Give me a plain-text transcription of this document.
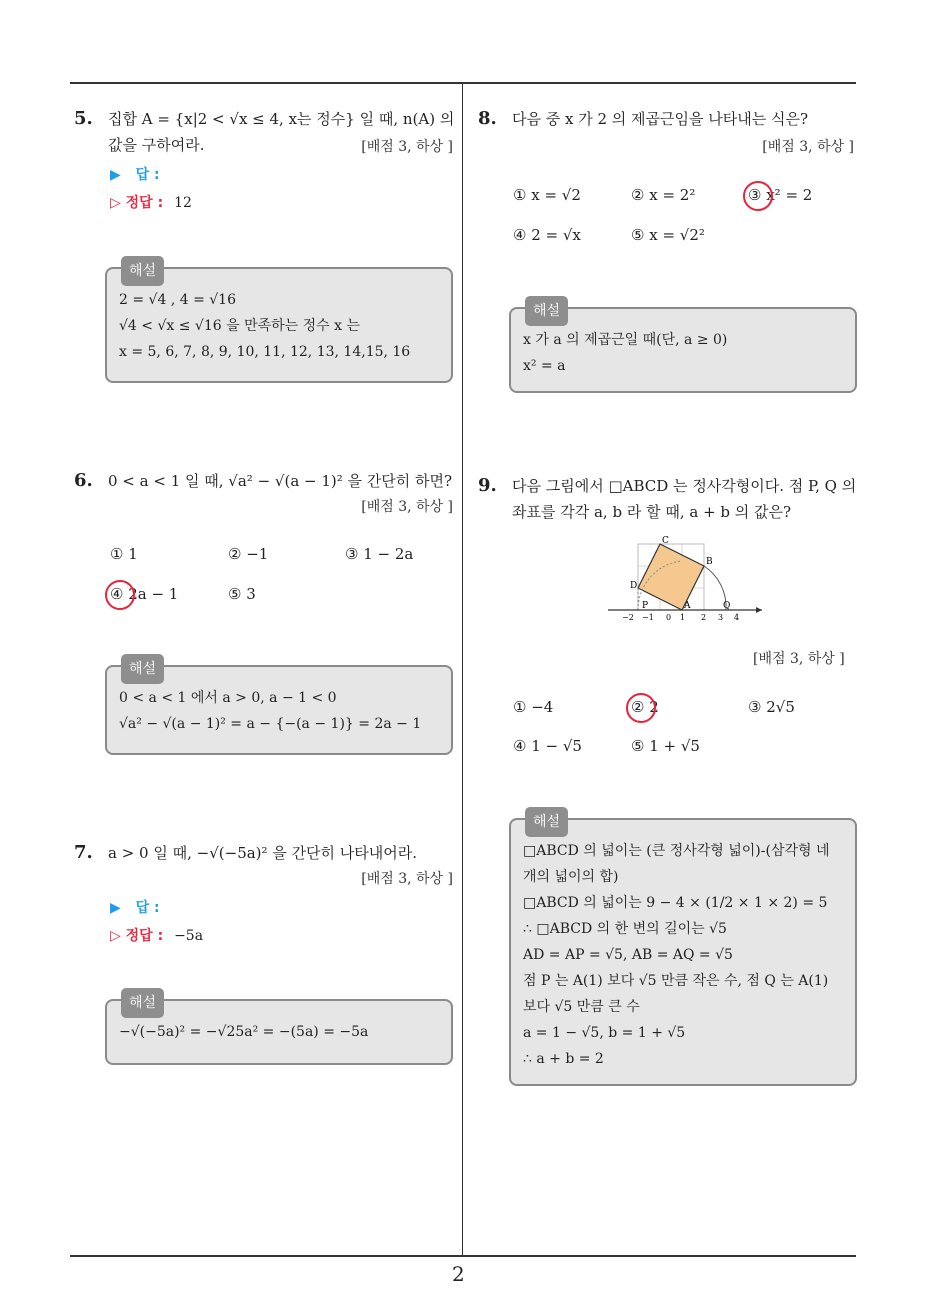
5. 집합 A = {x|2 < √x ≤ 4, x는 정수} 일 때, n(A) 의 값을 구하여라.	[배점 3, 하상 ]
▶ 답 :
▷ 정답 : 12
해설
2 = √4 , 4 = √16
√4 < √x ≤ √16 을 만족하는 정수 x 는
x = 5, 6, 7, 8, 9, 10, 11, 12, 13, 14,15, 16
6. 0 < a < 1 일 때, √a² − √(a − 1)² 을 간단히 하면?
[배점 3, 하상 ]
① 1	② −1	③ 1 − 2a
④ 2a − 1	⑤ 3
해설
0 < a < 1 에서 a > 0, a − 1 < 0
√a² − √(a − 1)² = a − {−(a − 1)} = 2a − 1
7. a > 0 일 때, −√(−5a)² 을 간단히 나타내어라.
[배점 3, 하상 ]
▶ 답 :
▷ 정답 : −5a
해설
−√(−5a)² = −√25a² = −(5a) = −5a
8. 다음 중 x 가 2 의 제곱근임을 나타내는 식은?
[배점 3, 하상 ]
① x = √2	② x = 2²	③ x² = 2
④ 2 = √x	⑤ x = √2²
해설
x 가 a 의 제곱근일 때(단, a ≥ 0)
x² = a
9. 다음 그림에서 □ABCD 는 정사각형이다. 점 P, Q 의 좌표를 각각 a, b 라 할 때, a + b 의 값은?
C
B
D
P	A	Q
−2 −1 0 1 2 3 4
[배점 3, 하상 ]
① −4	② 2	③ 2√5
④ 1 − √5	⑤ 1 + √5
해설
□ABCD 의 넓이는 (큰 정사각형 넓이)-(삼각형 네 개의 넓이의 합)
□ABCD 의 넓이는 9 − 4 × (1/2 × 1 × 2) = 5
∴ □ABCD 의 한 변의 길이는 √5
AD = AP = √5, AB = AQ = √5
점 P 는 A(1) 보다 √5 만큼 작은 수, 점 Q 는 A(1) 보다 √5 만큼 큰 수
a = 1 − √5, b = 1 + √5
∴ a + b = 2
2
